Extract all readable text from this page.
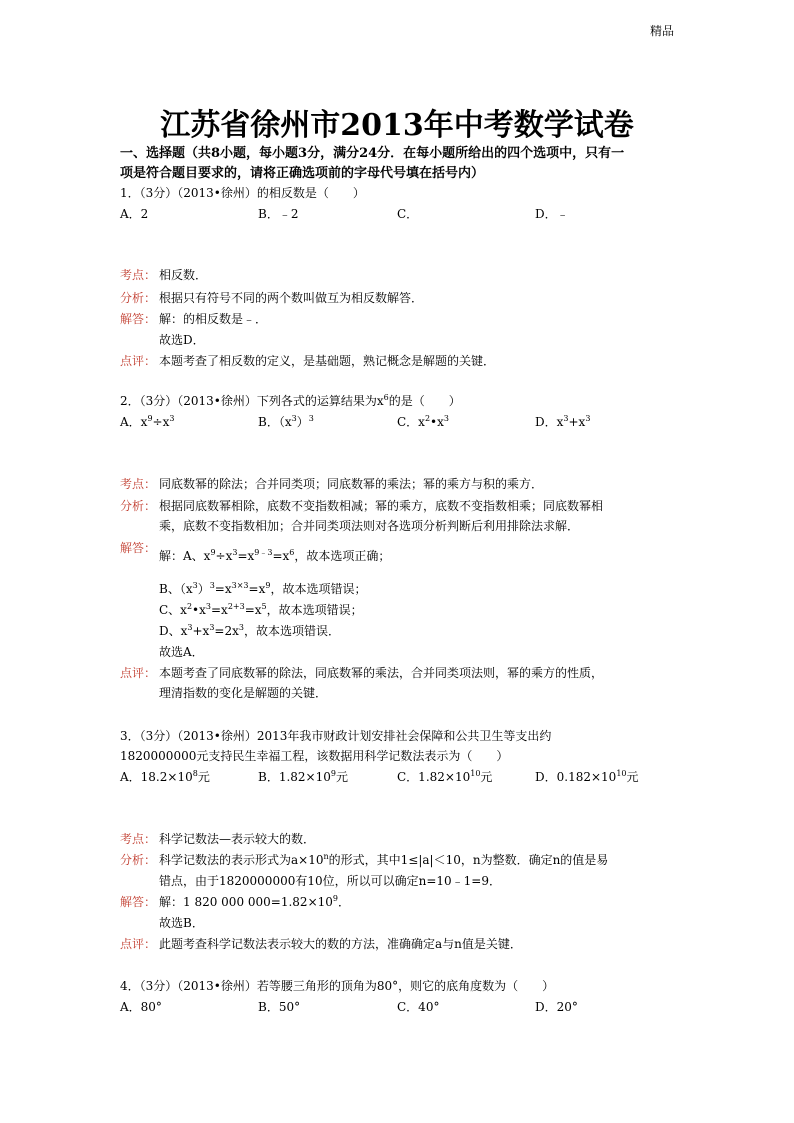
精品
江苏省徐州市2013年中考数学试卷
一、选择题（共8小题，每小题3分，满分24分．在每小题所给出的四个选项中，只有一
项是符合题目要求的，请将正确选项前的字母代号填在括号内）
1．（3分）（2013•徐州）的相反数是（　　）
A．2	B．﹣2	C．	D．﹣
考点： 相反数．
分析： 根据只有符号不同的两个数叫做互为相反数解答．
解答： 解：的相反数是﹣．
故选D．
点评： 本题考查了相反数的定义，是基础题，熟记概念是解题的关键．
2．（3分）（2013•徐州）下列各式的运算结果为$x^6$的是（　　）
A．$x^9\div x^3$	B．$(x^3)^3$	C．$x^2•x^3$	D．$x^3+x^3$
考点： 同底数幂的除法；合并同类项；同底数幂的乘法；幂的乘方与积的乘方．
分析： 根据同底数幂相除，底数不变指数相减；幂的乘方，底数不变指数相乘；同底数幂相
乘，底数不变指数相加；合并同类项法则对各选项分析判断后利用排除法求解．
解答：
解：A、$x^9\div x^3=x^{9﹣3}=x^6$，故本选项正确；
B、$(x^3)^3=x^{3\times 3}=x^9$，故本选项错误；
C、$x^2•x^3=x^{2+3}=x^5$，故本选项错误；
D、$x^3+x^3=2x^3$，故本选项错误．
故选A．
点评： 本题考查了同底数幂的除法，同底数幂的乘法，合并同类项法则，幂的乘方的性质，
理清指数的变化是解题的关键．
3．（3分）（2013•徐州）2013年我市财政计划安排社会保障和公共卫生等支出约
1820000000元支持民生幸福工程，该数据用科学记数法表示为（　　）
A．$18.2\times 10^8$元	B．$1.82\times 10^9$元	C．$1.82\times 10^{10}$元	D．$0.182\times 10^{10}$元
考点： 科学记数法—表示较大的数．
分析： 科学记数法的表示形式为$a\times 10^n$的形式，其中1≤|a|＜10，n为整数．确定n的值是易
错点，由于1820000000有10位，所以可以确定n=10﹣1=9．
解答： 解：1 820 000 $000=1.82\times 10^9$．
故选B．
点评： 此题考查科学记数法表示较大的数的方法，准确确定a与n值是关键．
4．（3分）（2013•徐州）若等腰三角形的顶角为80°，则它的底角度数为（　　）
A．80°	B．50°	C．40°	D．20°
